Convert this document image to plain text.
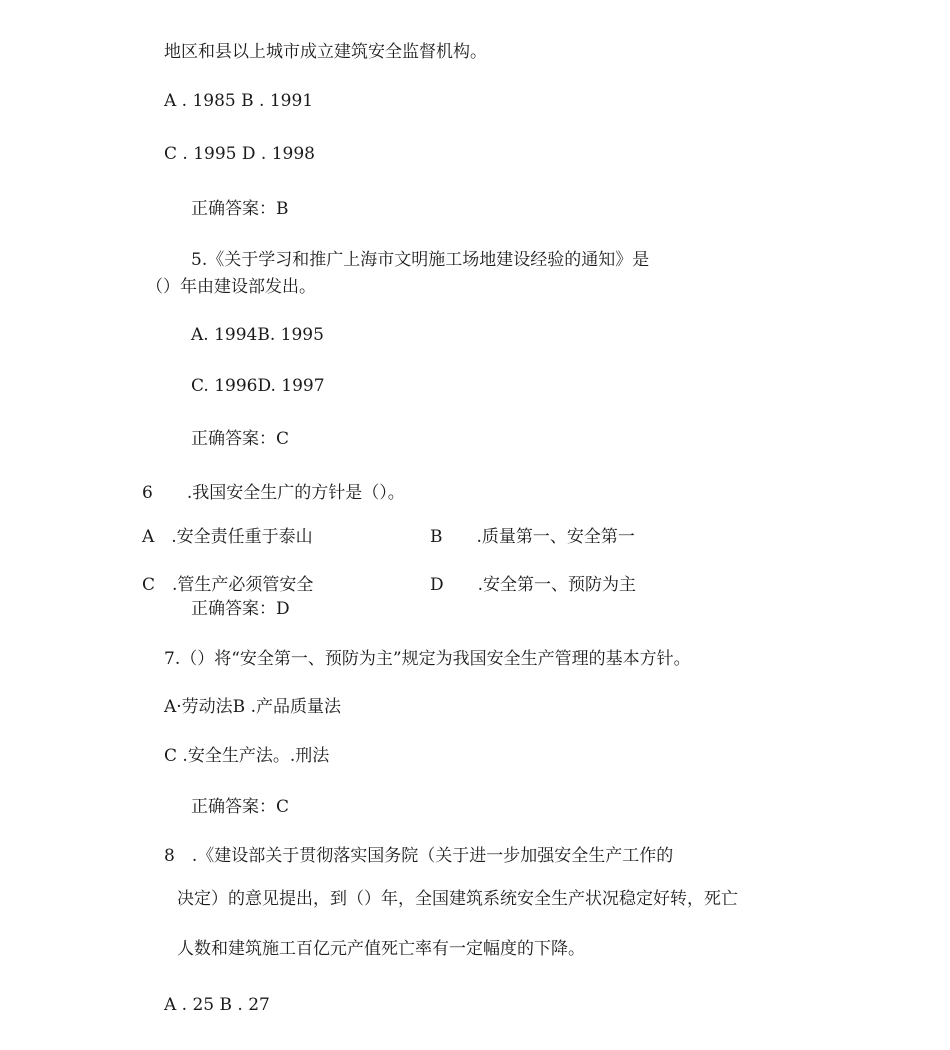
地区和县以上城市成立建筑安全监督机构。
A . 1985 B . 1991
C . 1995 D . 1998
正确答案：B
5.《关于学习和推广上海市文明施工场地建设经验的通知》是
（）年由建设部发出。
A. 1994B. 1995
C. 1996D. 1997
正确答案：C
6　　.我国安全生广的方针是（）。
A　.安全责任重于泰山	B　　.质量第一、安全第一
C　.管生产必须管安全	D　　.安全第一、预防为主
正确答案：D
7.（）将“安全第一、预防为主”规定为我国安全生产管理的基本方针。
A·劳动法B .产品质量法
C .安全生产法。.刑法
正确答案：C
8　.《建设部关于贯彻落实国务院（关于进一步加强安全生产工作的
决定）的意见提出，到（）年，全国建筑系统安全生产状况稳定好转，死亡
人数和建筑施工百亿元产值死亡率有一定幅度的下降。
A . 25 B . 27
